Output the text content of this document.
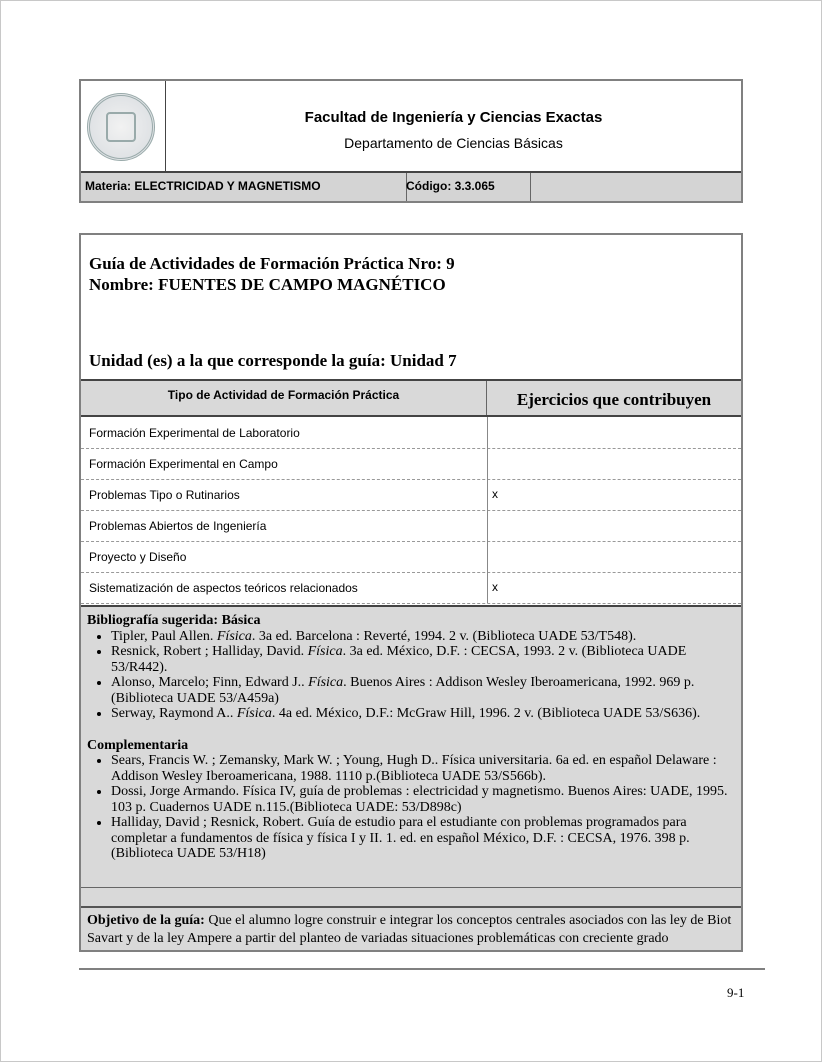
Facultad de Ingeniería y Ciencias Exactas
Departamento de Ciencias Básicas
Materia: ELECTRICIDAD Y MAGNETISMO	Código: 3.3.065
Guía de Actividades de Formación Práctica Nro: 9
Nombre: FUENTES DE CAMPO MAGNÉTICO
Unidad (es) a la que corresponde la guía: Unidad 7
Tipo de Actividad de Formación Práctica	Ejercicios que contribuyen
Formación Experimental de Laboratorio
Formación Experimental en Campo
Problemas Tipo o Rutinarios	x
Problemas Abiertos de Ingeniería
Proyecto y Diseño
Sistematización de aspectos teóricos relacionados	x
Bibliografía sugerida: Básica
• Tipler, Paul Allen. Física. 3a ed. Barcelona : Reverté, 1994. 2 v. (Biblioteca UADE 53/T548).
• Resnick, Robert ; Halliday, David. Física. 3a ed. México, D.F. : CECSA, 1993. 2 v. (Biblioteca UADE 53/R442).
• Alonso, Marcelo; Finn, Edward J.. Física. Buenos Aires : Addison Wesley Iberoamericana, 1992. 969 p. (Biblioteca UADE 53/A459a)
• Serway, Raymond A.. Física. 4a ed. México, D.F.: McGraw Hill, 1996. 2 v. (Biblioteca UADE 53/S636).
Complementaria
• Sears, Francis W. ; Zemansky, Mark W. ; Young, Hugh D.. Física universitaria. 6a ed. en español Delaware : Addison Wesley Iberoamericana, 1988. 1110 p.(Biblioteca UADE 53/S566b).
• Dossi, Jorge Armando. Física IV, guía de problemas : electricidad y magnetismo. Buenos Aires: UADE, 1995. 103 p. Cuadernos UADE n.115.(Biblioteca UADE: 53/D898c)
• Halliday, David ; Resnick, Robert. Guía de estudio para el estudiante con problemas programados para completar a fundamentos de física y física I y II. 1. ed. en español México, D.F. : CECSA, 1976. 398 p. (Biblioteca UADE 53/H18)
Objetivo de la guía: Que el alumno logre construir e integrar los conceptos centrales asociados con las ley de Biot Savart y de la ley Ampere a partir del planteo de variadas situaciones problemáticas con creciente grado
9-1
